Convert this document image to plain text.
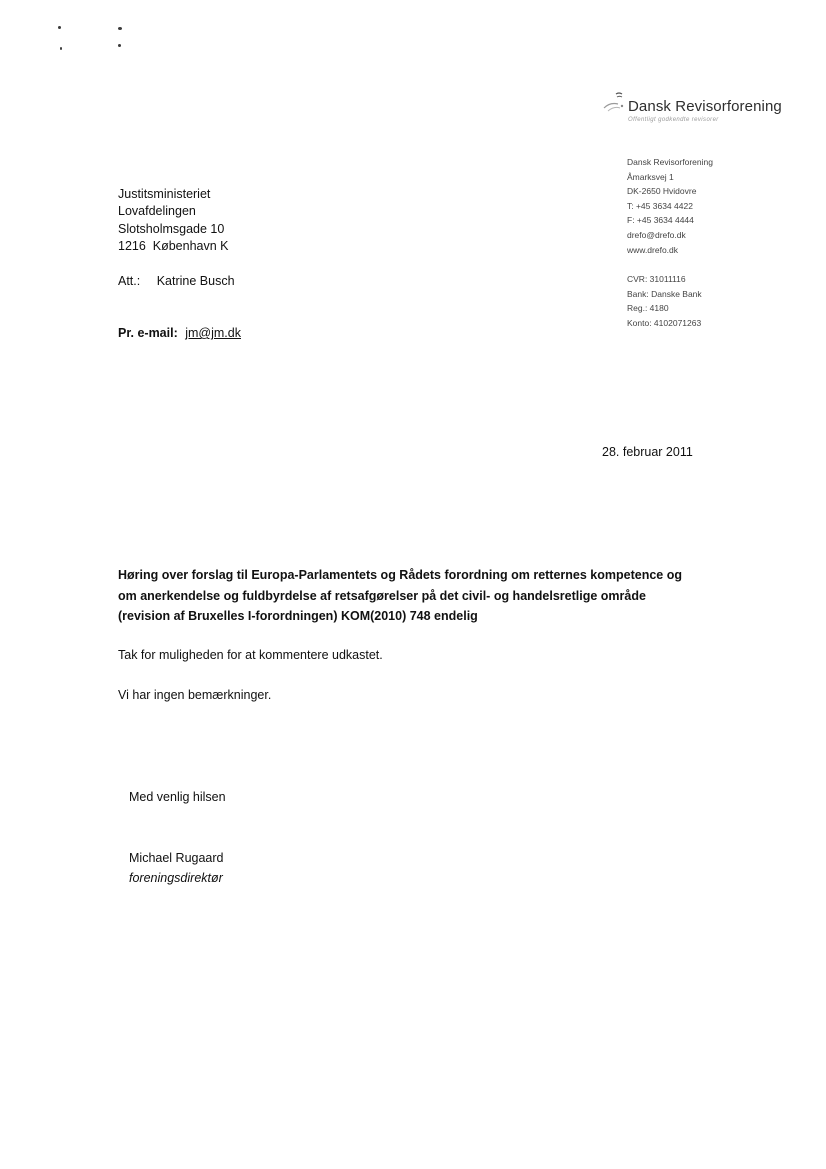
Dansk Revisorforening
Offentligt godkendte revisorer
Dansk Revisorforening
Åmarksvej 1
DK-2650 Hvidovre
T: +45 3634 4422
F: +45 3634 4444
drefo@drefo.dk
www.drefo.dk
CVR: 31011116
Bank: Danske Bank
Reg.: 4180
Konto: 4102071263
Justitsministeriet
Lovafdelingen
Slotsholmsgade 10
1216  København K
Att.: Katrine Busch
Pr. e-mail: jm@jm.dk
28. februar 2011
Høring over forslag til Europa-Parlamentets og Rådets forordning om retternes kompetence og
om anerkendelse og fuldbyrdelse af retsafgørelser på det civil- og handelsretlige område
(revision af Bruxelles I-forordningen) KOM(2010) 748 endelig
Tak for muligheden for at kommentere udkastet.
Vi har ingen bemærkninger.
Med venlig hilsen
Michael Rugaard
foreningsdirektør
